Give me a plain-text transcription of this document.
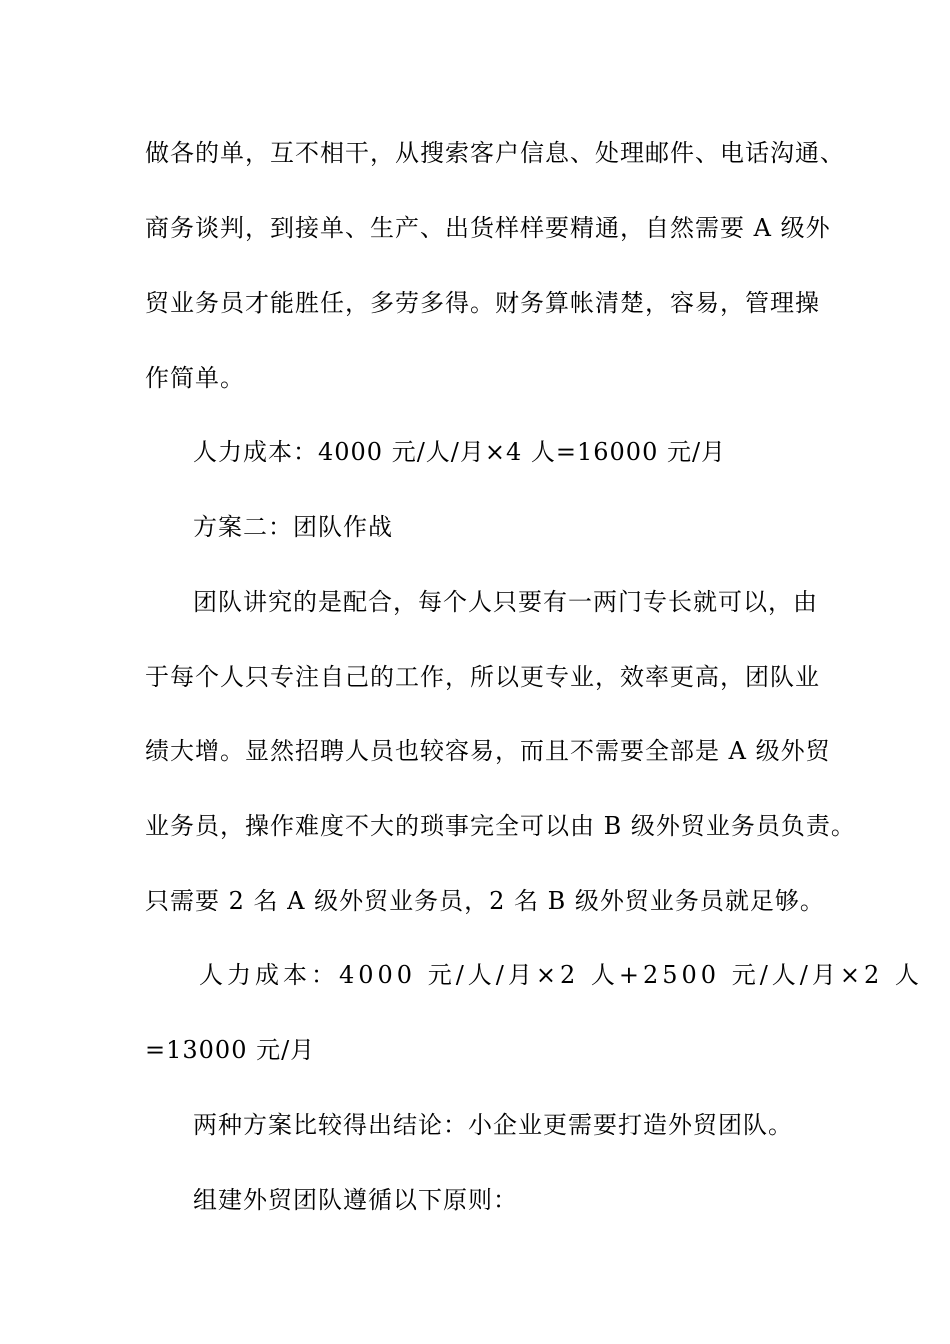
做各的单，互不相干，从搜索客户信息、处理邮件、电话沟通、
商务谈判，到接单、生产、出货样样要精通，自然需要 A 级外
贸业务员才能胜任，多劳多得。财务算帐清楚，容易，管理操
作简单。
人力成本：4000 元/人/月×4 人=16000 元/月
方案二：团队作战
团队讲究的是配合，每个人只要有一两门专长就可以，由
于每个人只专注自己的工作，所以更专业，效率更高，团队业
绩大增。显然招聘人员也较容易，而且不需要全部是 A 级外贸
业务员，操作难度不大的琐事完全可以由 B 级外贸业务员负责。
只需要 2 名 A 级外贸业务员，2 名 B 级外贸业务员就足够。
人力成本：4000 元/人/月×2 人+2500 元/人/月×2 人
=13000 元/月
两种方案比较得出结论：小企业更需要打造外贸团队。
组建外贸团队遵循以下原则：
